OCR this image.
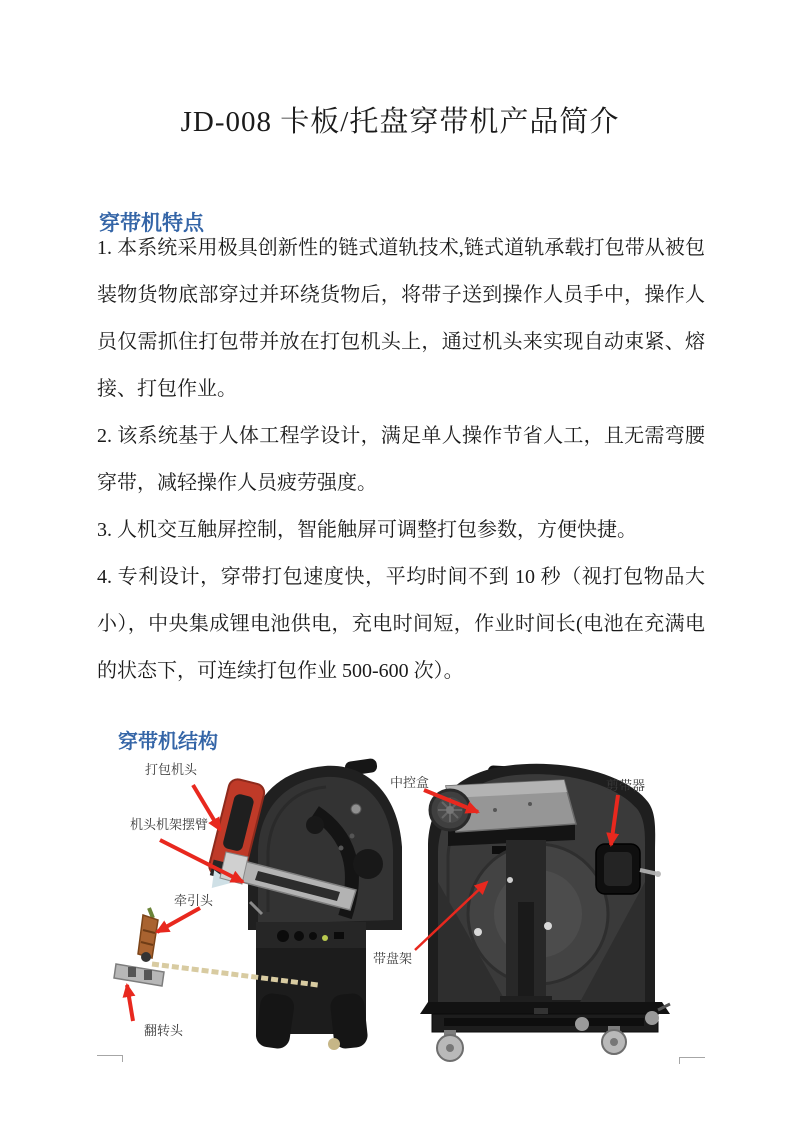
JD-008 卡板/托盘穿带机产品简介
穿带机特点

1. 本系统采用极具创新性的链式道轨技术,链式道轨承载打包带从被包装物货物底部穿过并环绕货物后，将带子送到操作人员手中，操作人员仅需抓住打包带并放在打包机头上，通过机头来实现自动束紧、熔接、打包作业。

2. 该系统基于人体工程学设计，满足单人操作节省人工，且无需弯腰穿带，减轻操作人员疲劳强度。

3. 人机交互触屏控制，智能触屏可调整打包参数，方便快捷。

4. 专利设计，穿带打包速度快，平均时间不到 10 秒（视打包物品大小），中央集成锂电池供电，充电时间短，作业时间长(电池在充满电的状态下，可连续打包作业 500-600 次）。

穿带机结构
打包机头
机头机架摆臂
牵引头
翻转头
中控盒	剪带器
带盘架
